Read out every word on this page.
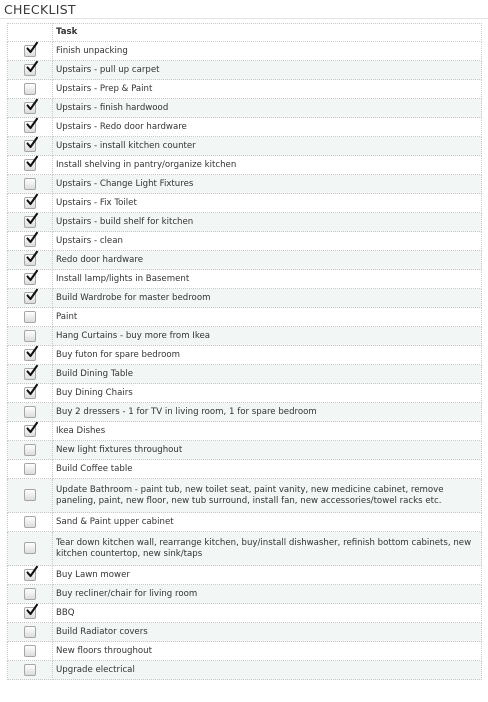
CHECKLIST
	Task

	Finish unpacking

	Upstairs - pull up carpet
	Upstairs - Prep & Paint

	Upstairs - finish hardwood

	Upstairs - Redo door hardware

	Upstairs - install kitchen counter

	Install shelving in pantry/organize kitchen
	Upstairs - Change Light Fixtures

	Upstairs - Fix Toilet

	Upstairs - build shelf for kitchen

	Upstairs - clean

	Redo door hardware

	Install lamp/lights in Basement

	Build Wardrobe for master bedroom
	Paint
	Hang Curtains - buy more from Ikea

	Buy futon for spare bedroom

	Build Dining Table

	Buy Dining Chairs
	Buy 2 dressers - 1 for TV in living room, 1 for spare bedroom

	Ikea Dishes
	New light fixtures throughout
	Build Coffee table
	Update Bathroom - paint tub, new toilet seat, paint vanity, new medicine cabinet, remove paneling, paint, new floor, new tub surround, install fan, new accessories/towel racks etc.
	Sand & Paint upper cabinet
	Tear down kitchen wall, rearrange kitchen, buy/install dishwasher, refinish bottom cabinets, new kitchen countertop, new sink/taps

	Buy Lawn mower
	Buy recliner/chair for living room

	BBQ
	Build Radiator covers
	New floors throughout
	Upgrade electrical
